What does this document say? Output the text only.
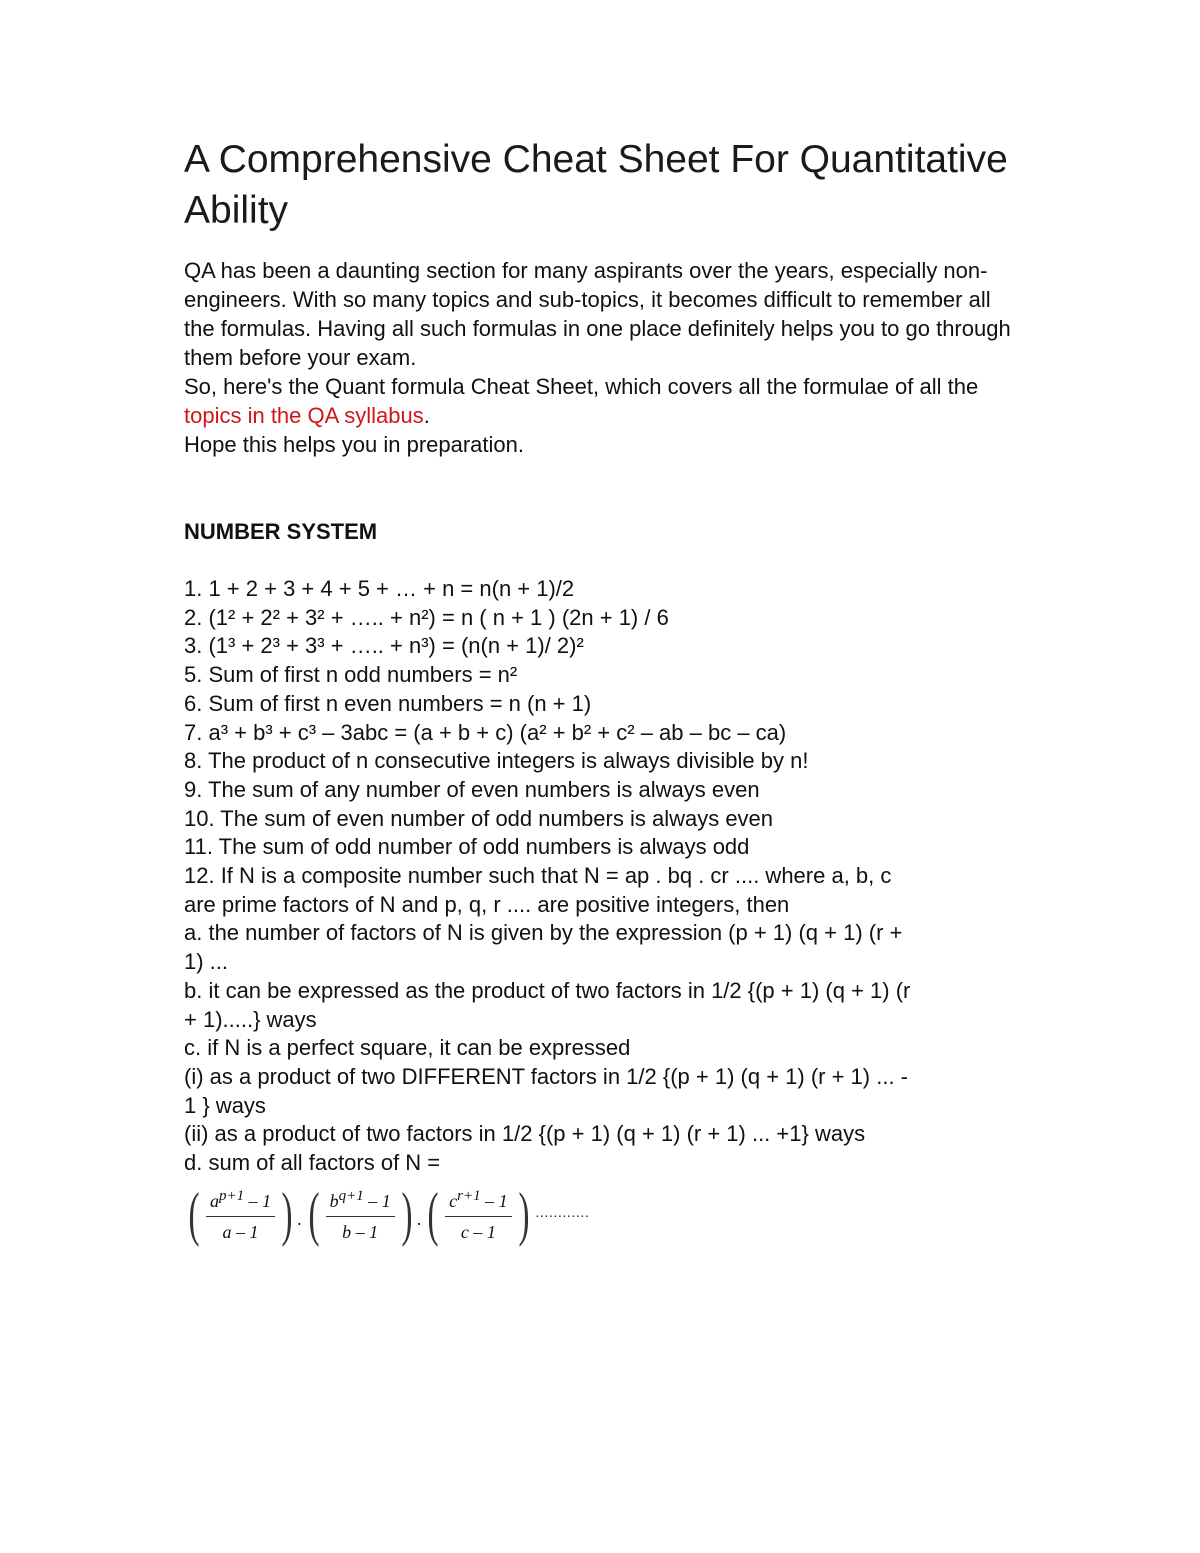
A Comprehensive Cheat Sheet For Quantitative Ability

QA has been a daunting section for many aspirants over the years, especially non-engineers. With so many topics and sub-topics, it becomes difficult to remember all the formulas. Having all such formulas in one place definitely helps you to go through them before your exam.

So, here's the Quant formula Cheat Sheet, which covers all the formulae of all the topics in the QA syllabus.

Hope this helps you in preparation.

NUMBER SYSTEM

1. 1 + 2 + 3 + 4 + 5 + … + n = n(n + 1)/2

2. (1² + 2² + 3² + ….. + n²) = n ( n + 1 ) (2n + 1) / 6

3. (1³ + 2³ + 3³ + ….. + n³) = (n(n + 1)/ 2)²

5. Sum of first n odd numbers = n²

6. Sum of first n even numbers = n (n + 1)

7. a³ + b³ + c³ – 3abc = (a + b + c) (a² + b² + c² – ab – bc – ca)

8. The product of n consecutive integers is always divisible by n!

9. The sum of any number of even numbers is always even

10. The sum of even number of odd numbers is always even

11. The sum of odd number of odd numbers is always odd

12. If N is a composite number such that N = ap . bq . cr .... where a, b, c

are prime factors of N and p, q, r .... are positive integers, then

a. the number of factors of N is given by the expression (p + 1) (q + 1) (r +

1) ...

b. it can be expressed as the product of two factors in 1/2 {(p + 1) (q + 1) (r

+ 1).....} ways

c. if N is a perfect square, it can be expressed

(i) as a product of two DIFFERENT factors in 1/2 {(p + 1) (q + 1) (r + 1) ... -

1 } ways

(ii) as a product of two factors in 1/2 {(p + 1) (q + 1) (r + 1) ... +1} ways

d. sum of all factors of N =

( $\frac{a^{p+1} - 1}{a - 1}$ ) . ( $\frac{b^{q+1} - 1}{b - 1}$ ) . ( $\frac{c^{r+1} - 1}{c - 1}$ ) ............
